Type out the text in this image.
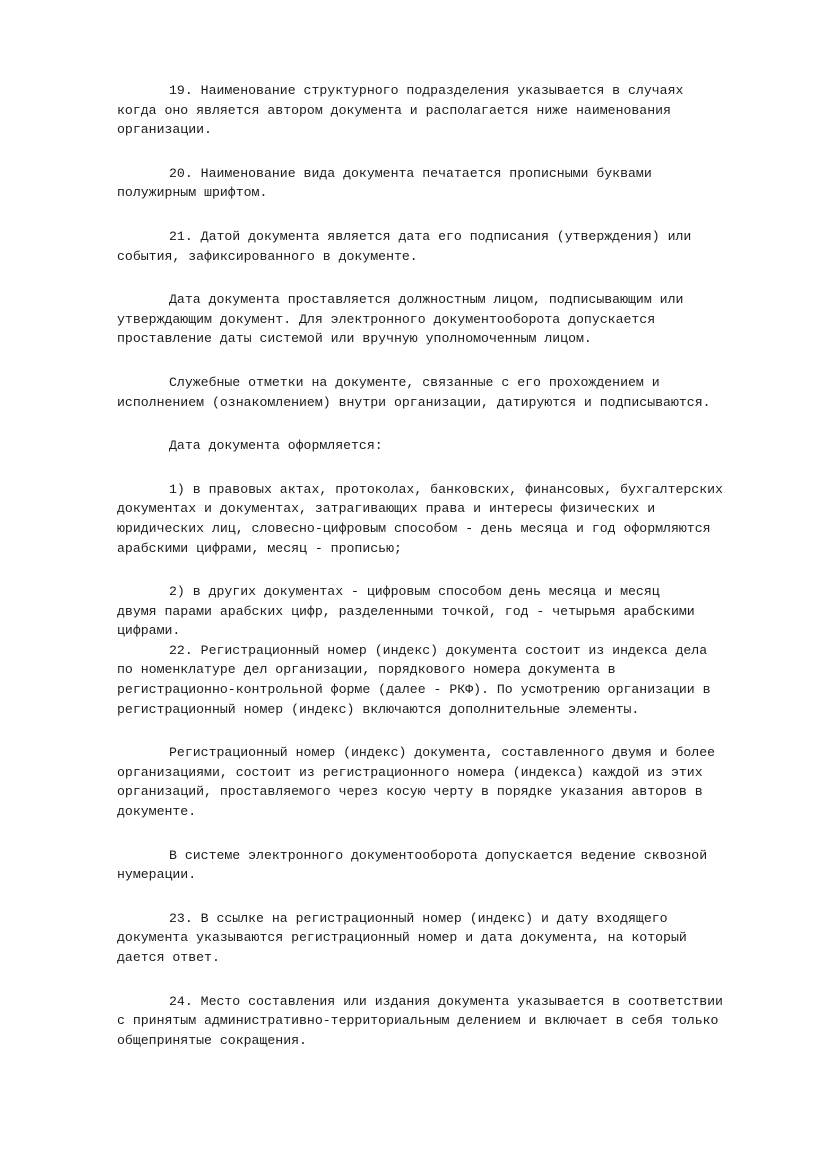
19. Наименование структурного подразделения указывается в случаях
когда оно является автором документа и располагается ниже наименования
организации.

20. Наименование вида документа печатается прописными буквами
полужирным шрифтом.

21. Датой документа является дата его подписания (утверждения) или
события, зафиксированного в документе.

Дата документа проставляется должностным лицом, подписывающим или
утверждающим документ. Для электронного документооборота допускается
проставление даты системой или вручную уполномоченным лицом.

Служебные отметки на документе, связанные с его прохождением и
исполнением (ознакомлением) внутри организации, датируются и подписываются.

Дата документа оформляется:

1) в правовых актах, протоколах, банковских, финансовых, бухгалтерских
документах и документах, затрагивающих права и интересы физических и
юридических лиц, словесно-цифровым способом - день месяца и год оформляются
арабскими цифрами, месяц - прописью;

2) в других документах - цифровым способом день месяца и месяц
двумя парами арабских цифр, разделенными точкой, год - четырьмя арабскими
цифрами.

22. Регистрационный номер (индекс) документа состоит из индекса дела
по номенклатуре дел организации, порядкового номера документа в
регистрационно-контрольной форме (далее - РКФ). По усмотрению организации в
регистрационный номер (индекс) включаются дополнительные элементы.

Регистрационный номер (индекс) документа, составленного двумя и более
организациями, состоит из регистрационного номера (индекса) каждой из этих
организаций, проставляемого через косую черту в порядке указания авторов в
документе.

В системе электронного документооборота допускается ведение сквозной
нумерации.

23. В ссылке на регистрационный номер (индекс) и дату входящего
документа указываются регистрационный номер и дата документа, на который
дается ответ.

24. Место составления или издания документа указывается в соответствии
с принятым административно-территориальным делением и включает в себя только
общепринятые сокращения.
